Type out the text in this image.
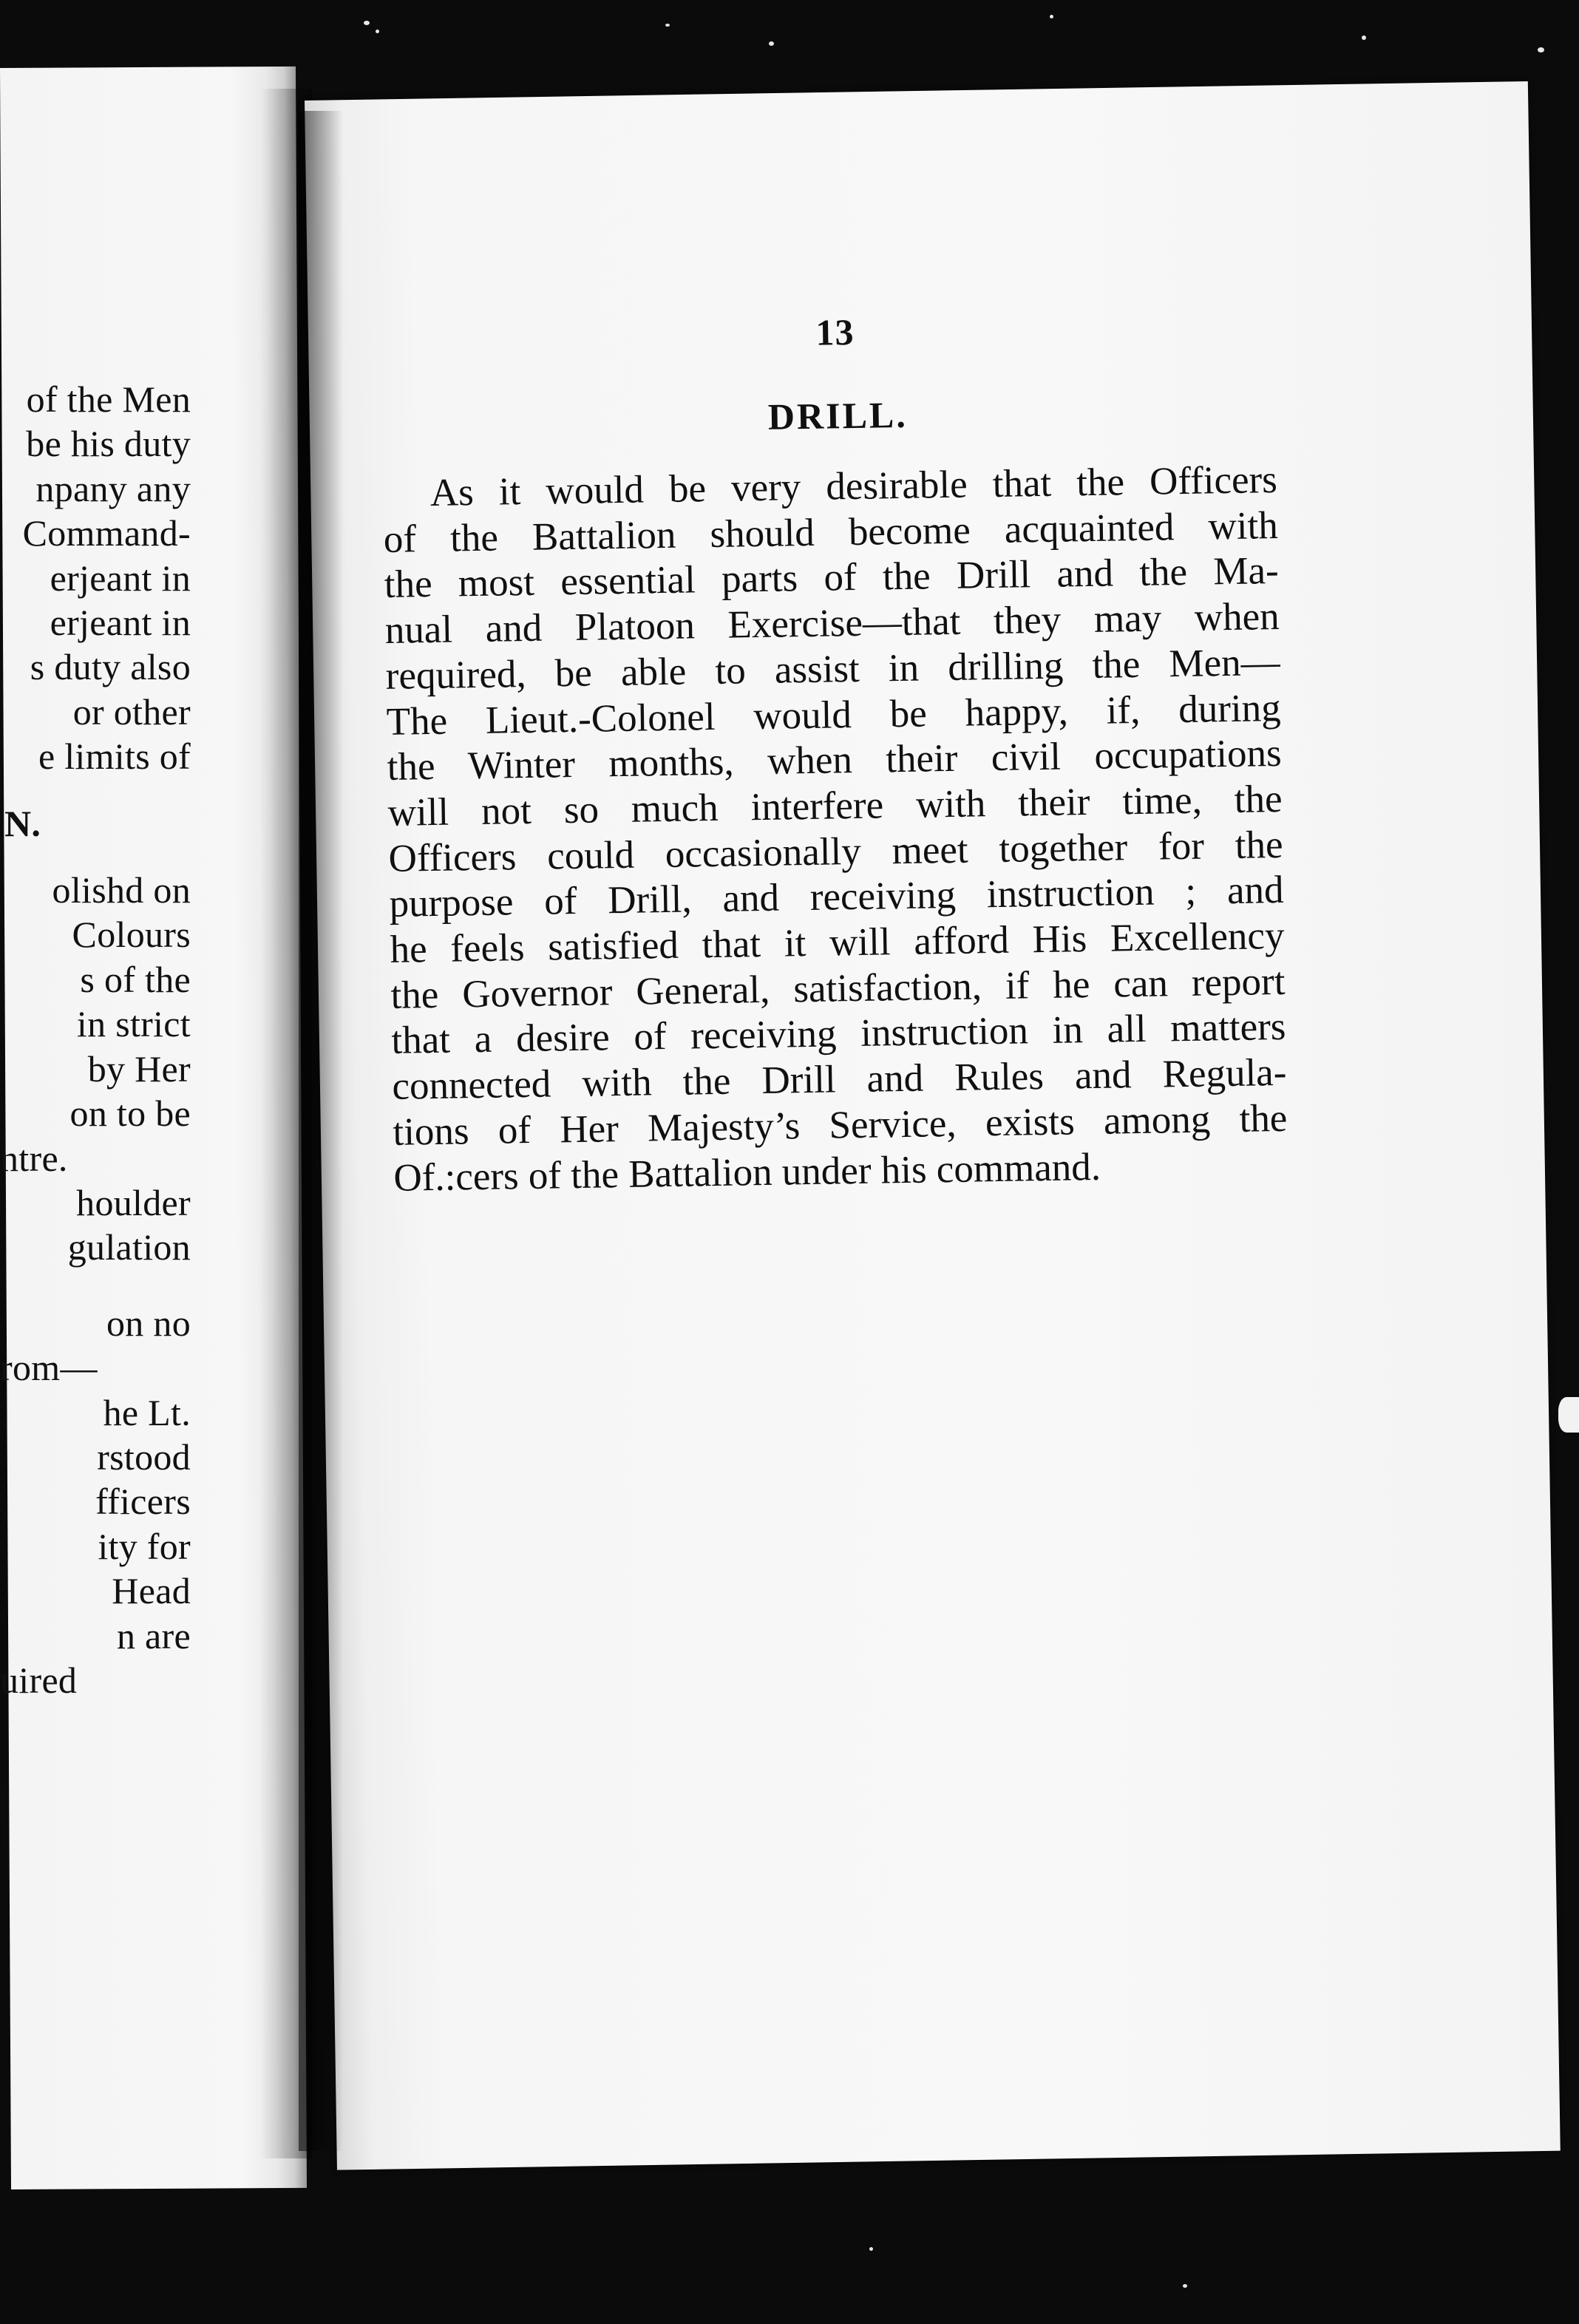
of the Men
be his duty
npany any
Command-
erjeant in
erjeant in
s duty also
or other
e limits of
N.
olishd on
Colours
s of the
in strict
by Her
on to be
ntre.
houlder
gulation
on no
rom—
he Lt.
rstood
fficers
ity for
Head
n are
uired
13
DRILL.
As it would be very desirable that the Officers
of the Battalion should become acquainted with
the most essential parts of the Drill and the Ma-
nual and Platoon Exercise—that they may when
required, be able to assist in drilling the Men—
The Lieut.-Colonel would be happy, if, during
the Winter months, when their civil occupations
will not so much interfere with their time, the
Officers could occasionally meet together for the
purpose of Drill, and receiving instruction ; and
he feels satisfied that it will afford His Excellency
the Governor General, satisfaction, if he can report
that a desire of receiving instruction in all matters
connected with the Drill and Rules and Regula-
tions of Her Majesty’s Service, exists among the
Of.:cers of the Battalion under his command.
